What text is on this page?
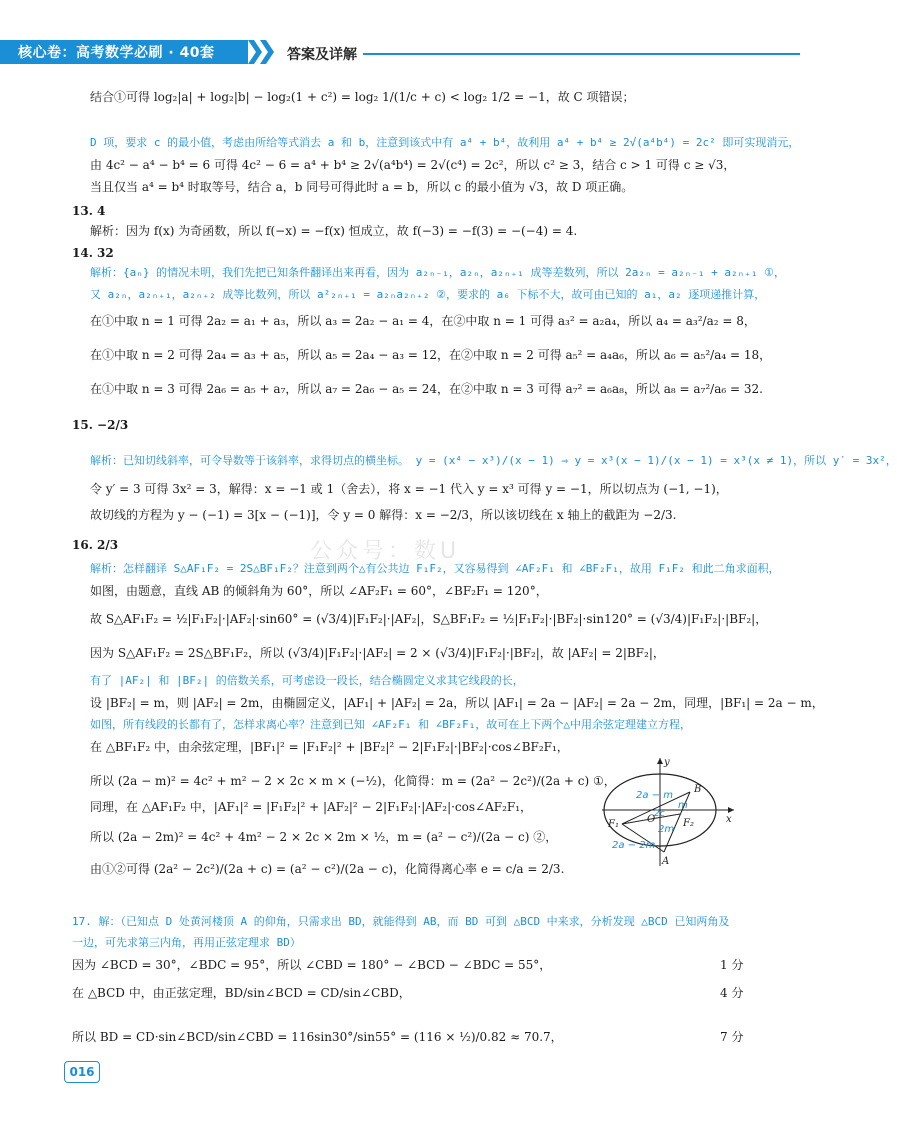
核心卷：高考数学必刷 · 40套	答案及详解
公众号：数U
结合①可得 log₂|a| + log₂|b| − log₂(1 + c²) = log₂ 1/(1/c + c) < log₂ 1/2 = −1，故 C 项错误；
D 项，要求 c 的最小值，考虑由所给等式消去 a 和 b，注意到该式中有 a⁴ + b⁴，故利用 a⁴ + b⁴ ≥ 2√(a⁴b⁴) = 2c² 即可实现消元，
由 4c² − a⁴ − b⁴ = 6 可得 4c² − 6 = a⁴ + b⁴ ≥ 2√(a⁴b⁴) = 2√(c⁴) = 2c²，所以 c² ≥ 3，结合 c > 1 可得 c ≥ √3，
当且仅当 a⁴ = b⁴ 时取等号，结合 a，b 同号可得此时 a = b，所以 c 的最小值为 √3，故 D 项正确。
13. 4
解析：因为 f(x) 为奇函数，所以 f(−x) = −f(x) 恒成立，故 f(−3) = −f(3) = −(−4) = 4.
14. 32
解析：{aₙ} 的情况未明，我们先把已知条件翻译出来再看，因为 a₂ₙ₋₁，a₂ₙ，a₂ₙ₊₁ 成等差数列，所以 2a₂ₙ = a₂ₙ₋₁ + a₂ₙ₊₁ ①，
又 a₂ₙ，a₂ₙ₊₁，a₂ₙ₊₂ 成等比数列，所以 a²₂ₙ₊₁ = a₂ₙa₂ₙ₊₂ ②，要求的 a₆ 下标不大，故可由已知的 a₁，a₂ 逐项递推计算，
在①中取 n = 1 可得 2a₂ = a₁ + a₃，所以 a₃ = 2a₂ − a₁ = 4，在②中取 n = 1 可得 a₃² = a₂a₄，所以 a₄ = a₃²/a₂ = 8，
在①中取 n = 2 可得 2a₄ = a₃ + a₅，所以 a₅ = 2a₄ − a₃ = 12，在②中取 n = 2 可得 a₅² = a₄a₆，所以 a₆ = a₅²/a₄ = 18，
在①中取 n = 3 可得 2a₆ = a₅ + a₇，所以 a₇ = 2a₆ − a₅ = 24，在②中取 n = 3 可得 a₇² = a₆a₈，所以 a₈ = a₇²/a₆ = 32.
15. −2/3
解析：已知切线斜率，可令导数等于该斜率，求得切点的横坐标。 y = (x⁴ − x³)/(x − 1) ⇒ y = x³(x − 1)/(x − 1) = x³(x ≠ 1)，所以 y′ = 3x²，
令 y′ = 3 可得 3x² = 3，解得：x = −1 或 1（舍去），将 x = −1 代入 y = x³ 可得 y = −1，所以切点为 (−1, −1)，
故切线的方程为 y − (−1) = 3[x − (−1)]，令 y = 0 解得：x = −2/3，所以该切线在 x 轴上的截距为 −2/3.
16. 2/3
解析：怎样翻译 S△AF₁F₂ = 2S△BF₁F₂？注意到两个△有公共边 F₁F₂，又容易得到 ∠AF₂F₁ 和 ∠BF₂F₁，故用 F₁F₂ 和此二角求面积，
如图，由题意，直线 AB 的倾斜角为 60°，所以 ∠AF₂F₁ = 60°，∠BF₂F₁ = 120°，
故 S△AF₁F₂ = ½|F₁F₂|·|AF₂|·sin60° = (√3/4)|F₁F₂|·|AF₂|，S△BF₁F₂ = ½|F₁F₂|·|BF₂|·sin120° = (√3/4)|F₁F₂|·|BF₂|，
因为 S△AF₁F₂ = 2S△BF₁F₂，所以 (√3/4)|F₁F₂|·|AF₂| = 2 × (√3/4)|F₁F₂|·|BF₂|，故 |AF₂| = 2|BF₂|，
有了 |AF₂| 和 |BF₂| 的倍数关系，可考虑设一段长，结合椭圆定义求其它线段的长，
设 |BF₂| = m，则 |AF₂| = 2m，由椭圆定义，|AF₁| + |AF₂| = 2a，所以 |AF₁| = 2a − |AF₂| = 2a − 2m，同理，|BF₁| = 2a − m，
如图，所有线段的长都有了，怎样求离心率？注意到已知 ∠AF₂F₁ 和 ∠BF₂F₁，故可在上下两个△中用余弦定理建立方程，
在 △BF₁F₂ 中，由余弦定理，|BF₁|² = |F₁F₂|² + |BF₂|² − 2|F₁F₂|·|BF₂|·cos∠BF₂F₁，
所以 (2a − m)² = 4c² + m² − 2 × 2c × m × (−½)，化简得：m = (2a² − 2c²)/(2a + c) ①，
同理，在 △AF₁F₂ 中，|AF₁|² = |F₁F₂|² + |AF₂|² − 2|F₁F₂|·|AF₂|·cos∠AF₂F₁，
所以 (2a − 2m)² = 4c² + 4m² − 2 × 2c × 2m × ½，m = (a² − c²)/(2a − c) ②，
由①②可得 (2a² − 2c²)/(2a + c) = (a² − c²)/(2a − c)，化简得离心率 e = c/a = 2/3.
17. 解：（已知点 D 处黄河楼顶 A 的仰角，只需求出 BD，就能得到 AB，而 BD 可到 △BCD 中来求，分析发现 △BCD 已知两角及
一边，可先求第三内角，再用正弦定理求 BD）
因为 ∠BCD = 30°，∠BDC = 95°，所以 ∠CBD = 180° − ∠BCD − ∠BDC = 55°，	1 分
在 △BCD 中，由正弦定理，BD/sin∠BCD = CD/sin∠CBD，	4 分
所以 BD = CD·sin∠BCD/sin∠CBD = 116sin30°/sin55° = (116 × ½)/0.82 ≈ 70.7，	7 分
y
x
O
B
A
F₁	F₂
2a − m
m
2c
2m
2a − 2m
016
